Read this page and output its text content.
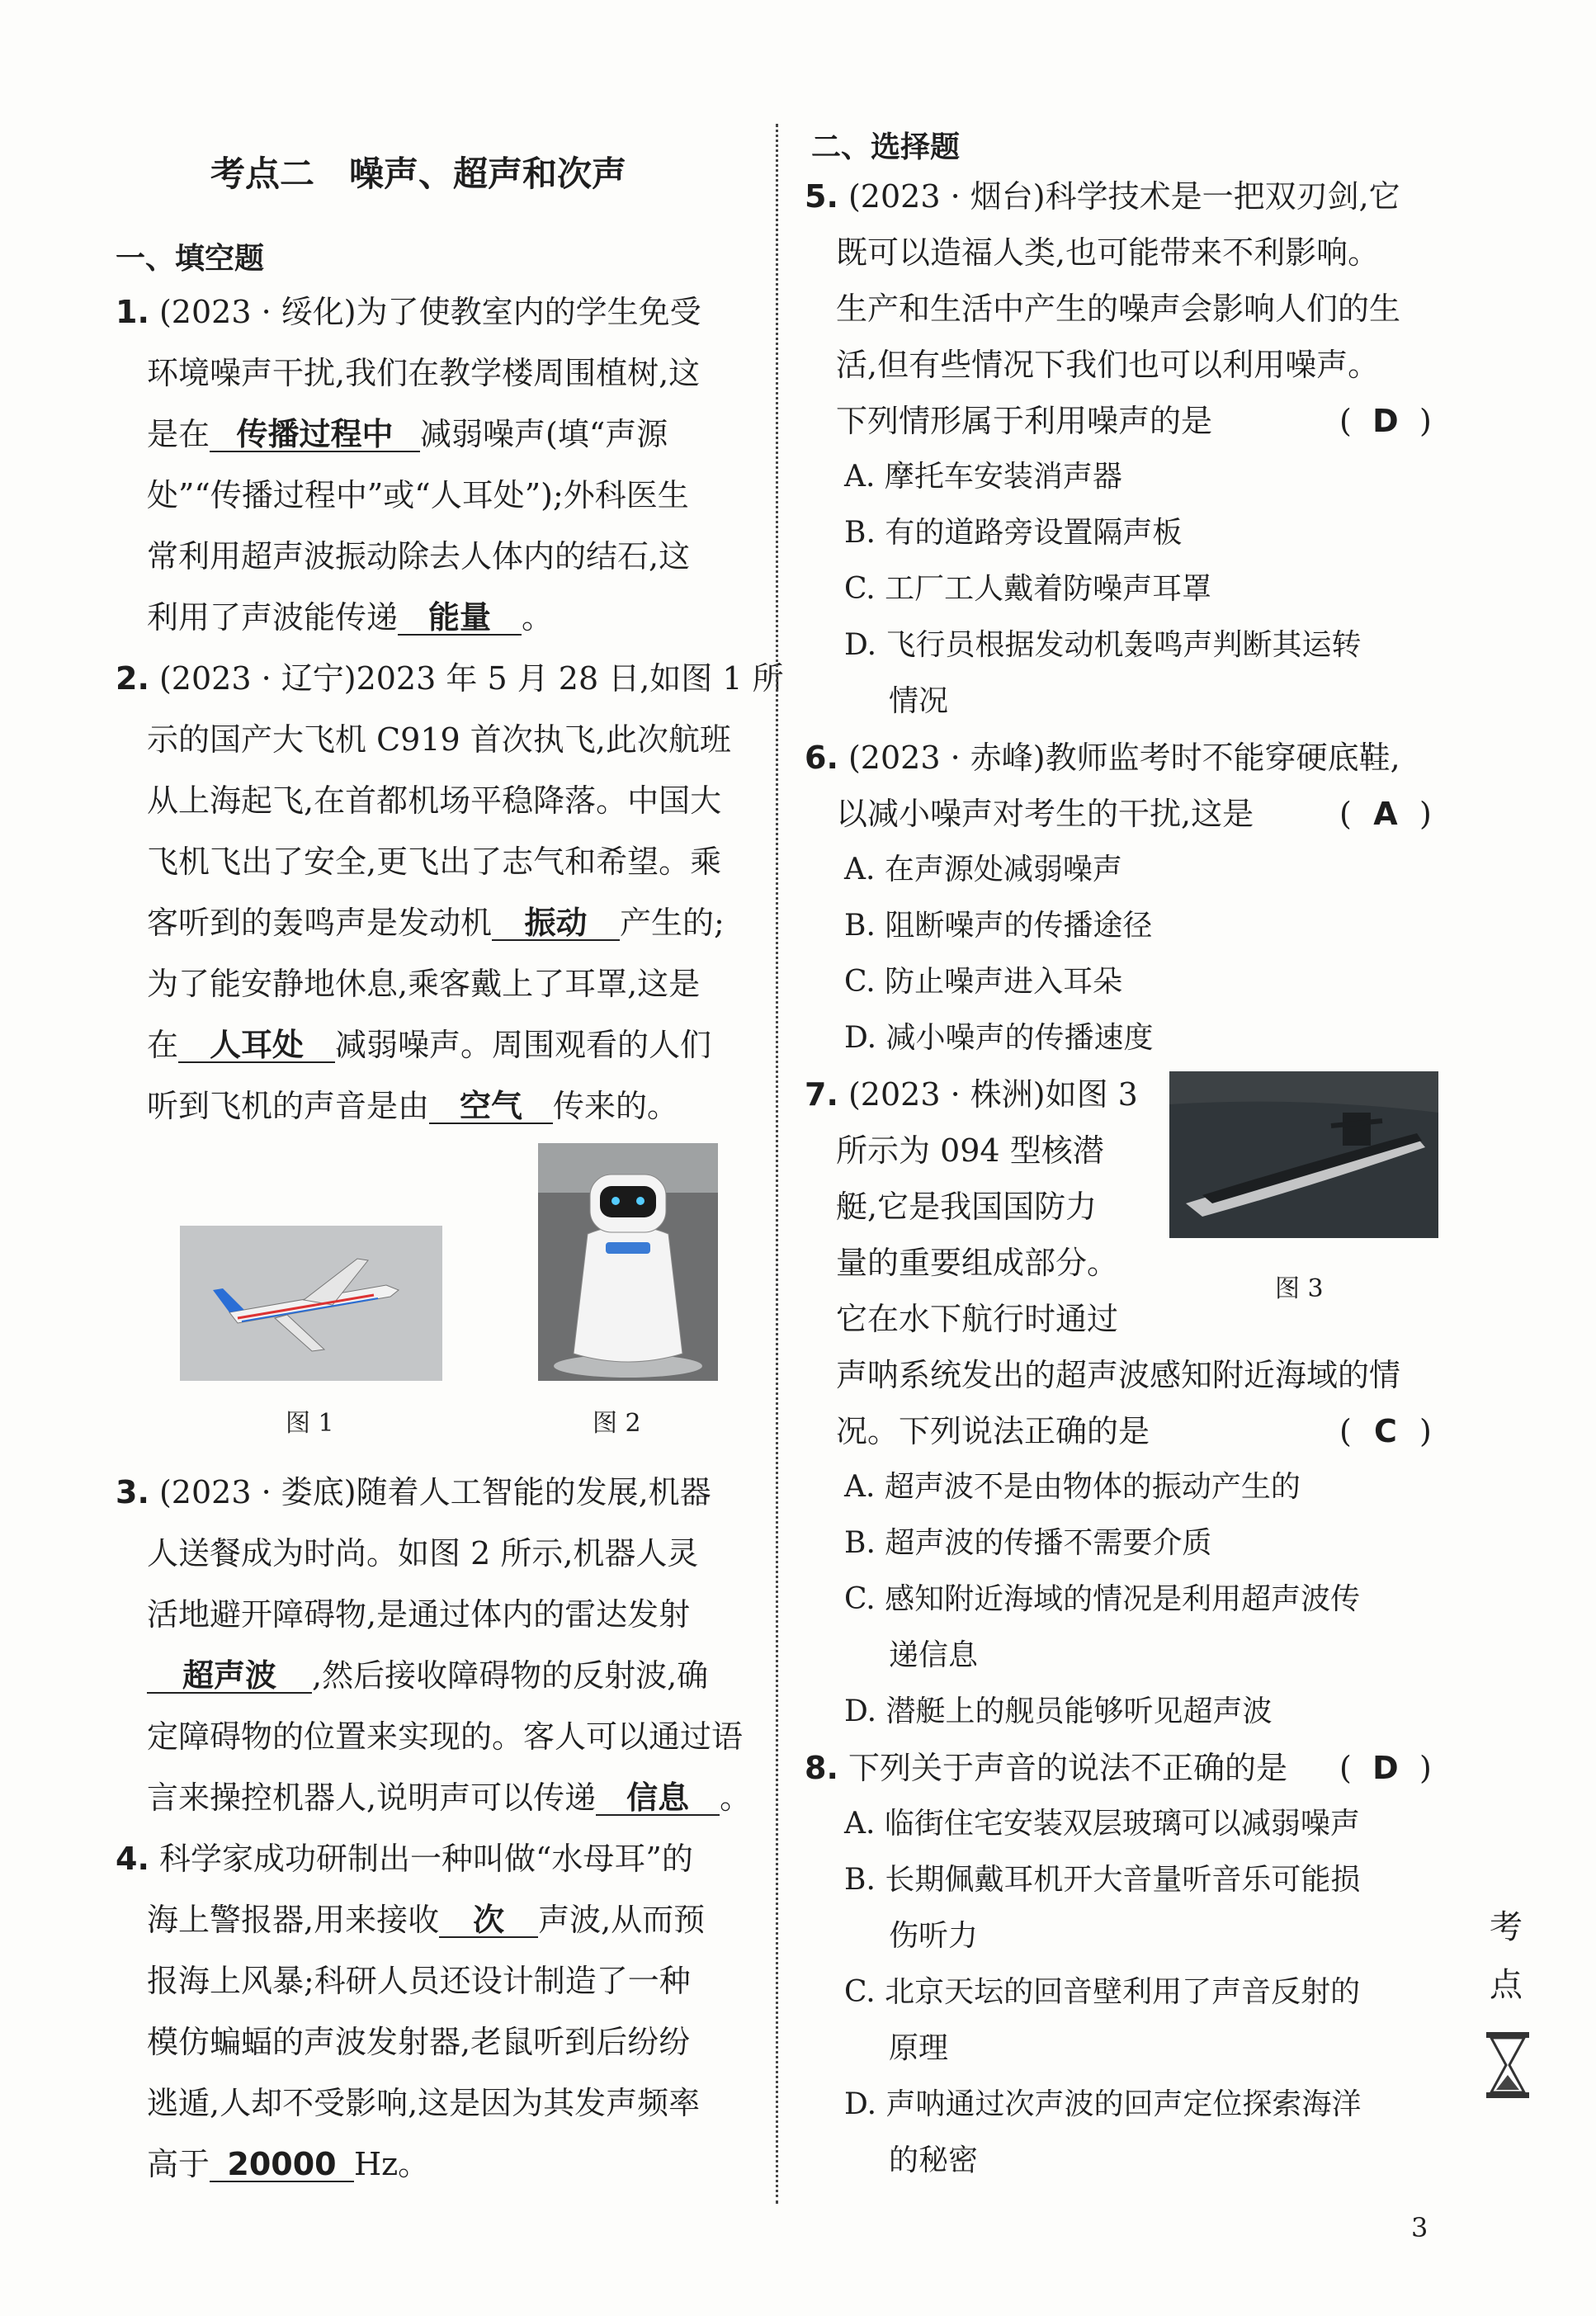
考点二　噪声、超声和次声
一、填空题
1. (2023 · 绥化)为了使教室内的学生免受
环境噪声干扰,我们在教学楼周围植树,这
是在 传播过程中 减弱噪声(填“声源
处”“传播过程中”或“人耳处”);外科医生
常利用超声波振动除去人体内的结石,这
利用了声波能传递 能量 。
2. (2023 · 辽宁)2023 年 5 月 28 日,如图 1 所
示的国产大飞机 C919 首次执飞,此次航班
从上海起飞,在首都机场平稳降落。中国大
飞机飞出了安全,更飞出了志气和希望。乘
客听到的轰鸣声是发动机 振动 产生的;
为了能安静地休息,乘客戴上了耳罩,这是
在 人耳处 减弱噪声。周围观看的人们
听到飞机的声音是由 空气 传来的。
图 1	图 2
3. (2023 · 娄底)随着人工智能的发展,机器
人送餐成为时尚。如图 2 所示,机器人灵
活地避开障碍物,是通过体内的雷达发射
超声波 ,然后接收障碍物的反射波,确
定障碍物的位置来实现的。客人可以通过语
言来操控机器人,说明声可以传递 信息 。
4. 科学家成功研制出一种叫做“水母耳”的
海上警报器,用来接收 次 声波,从而预
报海上风暴;科研人员还设计制造了一种
模仿蝙蝠的声波发射器,老鼠听到后纷纷
逃遁,人却不受影响,这是因为其发声频率
高于 20000 Hz。
二、选择题
5. (2023 · 烟台)科学技术是一把双刃剑,它
既可以造福人类,也可能带来不利影响。
生产和生活中产生的噪声会影响人们的生
活,但有些情况下我们也可以利用噪声。
下列情形属于利用噪声的是	( D )
A. 摩托车安装消声器
B. 有的道路旁设置隔声板
C. 工厂工人戴着防噪声耳罩
D. 飞行员根据发动机轰鸣声判断其运转
情况
6. (2023 · 赤峰)教师监考时不能穿硬底鞋,
以减小噪声对考生的干扰,这是	( A )
A. 在声源处减弱噪声
B. 阻断噪声的传播途径
C. 防止噪声进入耳朵
D. 减小噪声的传播速度
7. (2023 · 株洲)如图 3
所示为 094 型核潜
艇,它是我国国防力
量的重要组成部分。
它在水下航行时通过
图 3
声呐系统发出的超声波感知附近海域的情
况。下列说法正确的是	( C )
A. 超声波不是由物体的振动产生的
B. 超声波的传播不需要介质
C. 感知附近海域的情况是利用超声波传
递信息
D. 潜艇上的舰员能够听见超声波
8. 下列关于声音的说法不正确的是 ( D )
A. 临街住宅安装双层玻璃可以减弱噪声
B. 长期佩戴耳机开大音量听音乐可能损
伤听力
C. 北京天坛的回音壁利用了声音反射的
原理
D. 声呐通过次声波的回声定位探索海洋
的秘密
考
点
3
